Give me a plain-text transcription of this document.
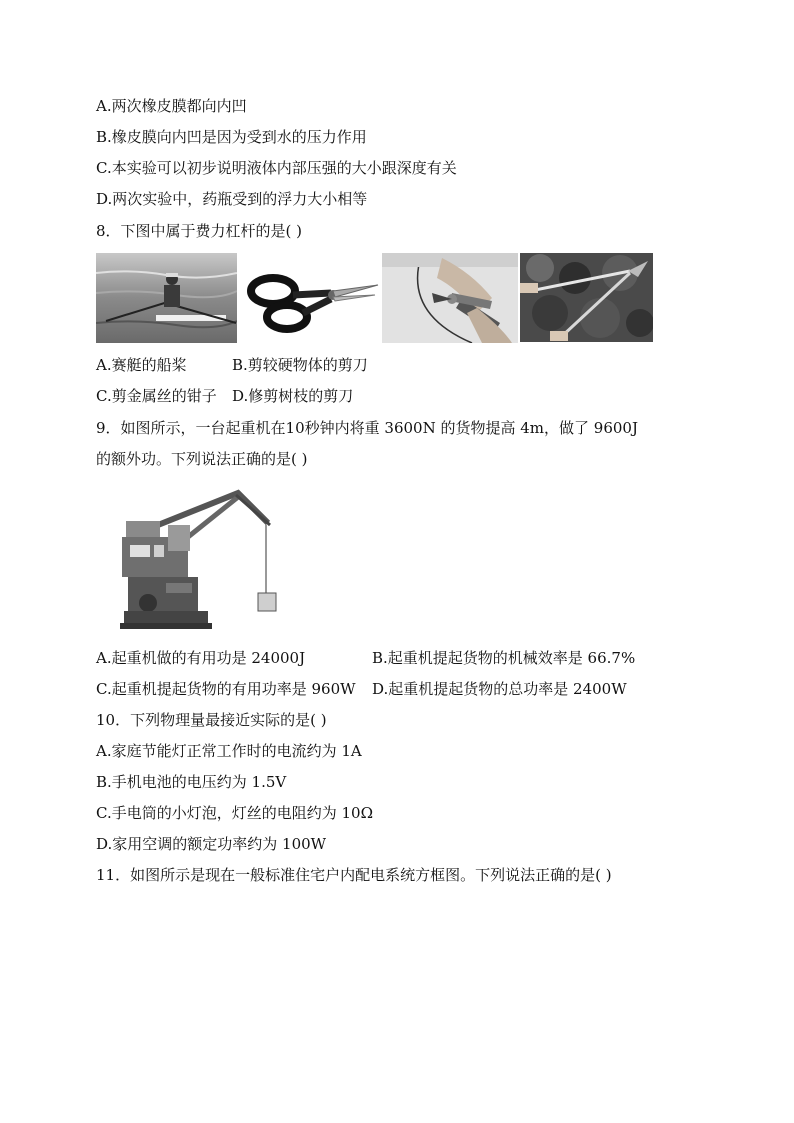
A.两次橡皮膜都向内凹
B.橡皮膜向内凹是因为受到水的压力作用
C.本实验可以初步说明液体内部压强的大小跟深度有关
D.两次实验中，药瓶受到的浮力大小相等
8．下图中属于费力杠杆的是( )
A.赛艇的船桨	B.剪较硬物体的剪刀
C.剪金属丝的钳子 D.修剪树枝的剪刀
9．如图所示，一台起重机在10秒钟内将重 3600N 的货物提高 4m，做了 9600J
的额外功。下列说法正确的是( )
A.起重机做的有用功是 24000J	B.起重机提起货物的机械效率是 66.7%
C.起重机提起货物的有用功率是 960W D.起重机提起货物的总功率是 2400W
10．下列物理量最接近实际的是( )
A.家庭节能灯正常工作时的电流约为 1A
B.手机电池的电压约为 1.5V
C.手电筒的小灯泡，灯丝的电阻约为 10Ω
D.家用空调的额定功率约为 100W
11．如图所示是现在一般标准住宅户内配电系统方框图。下列说法正确的是( )
